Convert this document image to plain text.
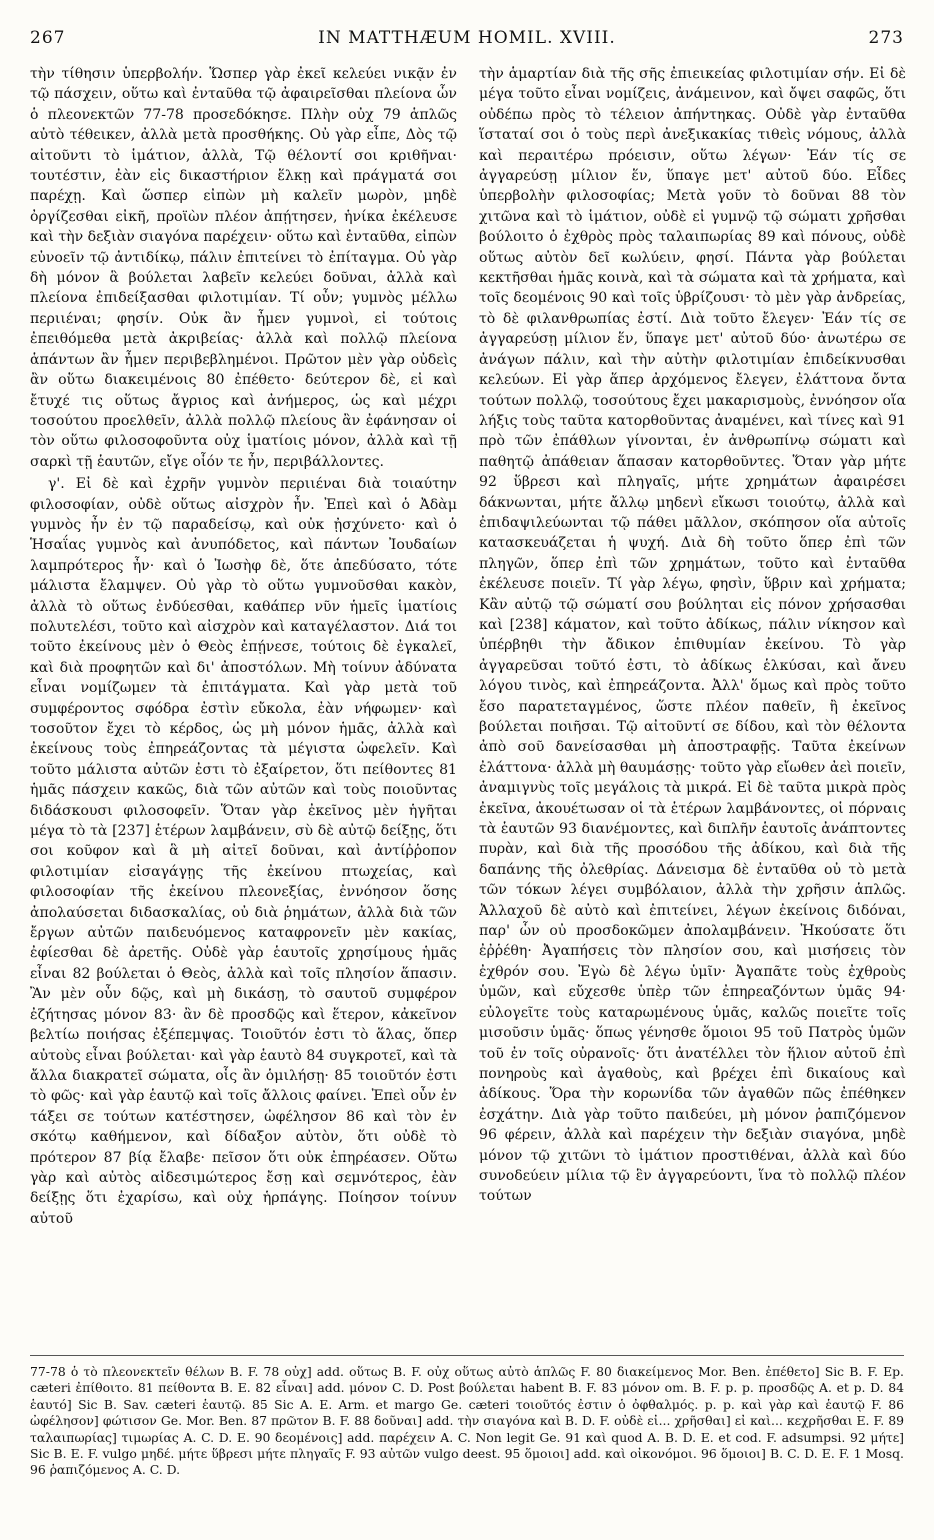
267	IN MATTHÆUM HOMIL. XVIII.	273

τὴν τίθησιν ὑπερβολήν. Ὥσπερ γὰρ ἐκεῖ κελεύει νικᾷν ἐν τῷ πάσχειν, οὕτω καὶ ἐνταῦθα τῷ ἀφαιρεῖσθαι πλείονα ὧν ὁ πλεονεκτῶν 77-78 προσεδόκησε. Πλὴν οὐχ 79 ἁπλῶς αὐτὸ τέθεικεν, ἀλλὰ μετὰ προσθήκης. Οὐ γὰρ εἶπε, Δὸς τῷ αἰτοῦντι τὸ ἱμάτιον, ἀλλὰ, Τῷ θέλοντί σοι κριθῆναι· τουτέστιν, ἐὰν εἰς δικαστήριον ἕλκῃ καὶ πράγματά σοι παρέχῃ. Καὶ ὥσπερ εἰπὼν μὴ καλεῖν μωρὸν, μηδὲ ὀργίζεσθαι εἰκῆ, προϊὼν πλέον ἀπῄτησεν, ἡνίκα ἐκέλευσε καὶ τὴν δεξιὰν σιαγόνα παρέχειν· οὕτω καὶ ἐνταῦθα, εἰπὼν εὐνοεῖν τῷ ἀντιδίκῳ, πάλιν ἐπιτείνει τὸ ἐπίταγμα. Οὐ γὰρ δὴ μόνον ἃ βούλεται λαβεῖν κελεύει δοῦναι, ἀλλὰ καὶ πλείονα ἐπιδείξασθαι φιλοτιμίαν. Τί οὖν; γυμνὸς μέλλω περιιέναι; φησίν. Οὐκ ἂν ἦμεν γυμνοὶ, εἰ τούτοις ἐπειθόμεθα μετὰ ἀκριβείας· ἀλλὰ καὶ πολλῷ πλείονα ἁπάντων ἂν ἦμεν περιβεβλημένοι. Πρῶτον μὲν γὰρ οὐδεὶς ἂν οὕτω διακειμένοις 80 ἐπέθετο· δεύτερον δὲ, εἰ καὶ ἔτυχέ τις οὕτως ἄγριος καὶ ἀνήμερος, ὡς καὶ μέχρι τοσούτου προελθεῖν, ἀλλὰ πολλῷ πλείους ἂν ἐφάνησαν οἱ τὸν οὕτω φιλοσοφοῦντα οὐχ ἱματίοις μόνον, ἀλλὰ καὶ τῇ σαρκὶ τῇ ἑαυτῶν, εἴγε οἷόν τε ἦν, περιβάλλοντες.

γ'. Εἰ δὲ καὶ ἐχρῆν γυμνὸν περιιέναι διὰ τοιαύτην φιλοσοφίαν, οὐδὲ οὕτως αἰσχρὸν ἦν. Ἐπεὶ καὶ ὁ Ἀδὰμ γυμνὸς ἦν ἐν τῷ παραδείσῳ, καὶ οὐκ ᾐσχύνετο· καὶ ὁ Ἡσαΐας γυμνὸς καὶ ἀνυπόδετος, καὶ πάντων Ἰουδαίων λαμπρότερος ἦν· καὶ ὁ Ἰωσὴφ δὲ, ὅτε ἀπεδύσατο, τότε μάλιστα ἔλαμψεν. Οὐ γὰρ τὸ οὕτω γυμνοῦσθαι κακὸν, ἀλλὰ τὸ οὕτως ἐνδύεσθαι, καθάπερ νῦν ἡμεῖς ἱματίοις πολυτελέσι, τοῦτο καὶ αἰσχρὸν καὶ καταγέλαστον. Διά τοι τοῦτο ἐκείνους μὲν ὁ Θεὸς ἐπῄνεσε, τούτοις δὲ ἐγκαλεῖ, καὶ διὰ προφητῶν καὶ δι' ἀποστόλων. Μὴ τοίνυν ἀδύνατα εἶναι νομίζωμεν τὰ ἐπιτάγματα. Καὶ γὰρ μετὰ τοῦ συμφέροντος σφόδρα ἐστὶν εὔκολα, ἐὰν νήφωμεν· καὶ τοσοῦτον ἔχει τὸ κέρδος, ὡς μὴ μόνον ἡμᾶς, ἀλλὰ καὶ ἐκείνους τοὺς ἐπηρεάζοντας τὰ μέγιστα ὠφελεῖν. Καὶ τοῦτο μάλιστα αὐτῶν ἐστι τὸ ἐξαίρετον, ὅτι πείθοντες 81 ἡμᾶς πάσχειν κακῶς, διὰ τῶν αὐτῶν καὶ τοὺς ποιοῦντας διδάσκουσι φιλοσοφεῖν. Ὅταν γὰρ ἐκεῖνος μὲν ἡγῆται μέγα τὸ τὰ [237] ἑτέρων λαμβάνειν, σὺ δὲ αὐτῷ δείξῃς, ὅτι σοι κοῦφον καὶ ἃ μὴ αἰτεῖ δοῦναι, καὶ ἀντίῤῥοπον φιλοτιμίαν εἰσαγάγῃς τῆς ἐκείνου πτωχείας, καὶ φιλοσοφίαν τῆς ἐκείνου πλεονεξίας, ἐννόησον ὅσης ἀπολαύσεται διδασκαλίας, οὐ διὰ ῥημάτων, ἀλλὰ διὰ τῶν ἔργων αὐτῶν παιδευόμενος καταφρονεῖν μὲν κακίας, ἐφίεσθαι δὲ ἀρετῆς. Οὐδὲ γὰρ ἑαυτοῖς χρησίμους ἡμᾶς εἶναι 82 βούλεται ὁ Θεὸς, ἀλλὰ καὶ τοῖς πλησίον ἅπασιν. Ἂν μὲν οὖν δῷς, καὶ μὴ δικάσῃ, τὸ σαυτοῦ συμφέρον ἐζήτησας μόνον 83· ἂν δὲ προσδῷς καὶ ἕτερον, κἀκεῖνον βελτίω ποιήσας ἐξέπεμψας. Τοιοῦτόν ἐστι τὸ ἅλας, ὅπερ αὐτοὺς εἶναι βούλεται· καὶ γὰρ ἑαυτὸ 84 συγκροτεῖ, καὶ τὰ ἄλλα διακρατεῖ σώματα, οἷς ἂν ὁμιλήσῃ· 85 τοιοῦτόν ἐστι τὸ φῶς· καὶ γὰρ ἑαυτῷ καὶ τοῖς ἄλλοις φαίνει. Ἐπεὶ οὖν ἐν τάξει σε τούτων κατέστησεν, ὠφέλησον 86 καὶ τὸν ἐν σκότῳ καθήμενον, καὶ δίδαξον αὐτὸν, ὅτι οὐδὲ τὸ πρότερον 87 βίᾳ ἔλαβε· πεῖσον ὅτι οὐκ ἐπηρέασεν. Οὕτω γὰρ καὶ αὐτὸς αἰδεσιμώτερος ἔσῃ καὶ σεμνότερος, ἐὰν δείξῃς ὅτι ἐχαρίσω, καὶ οὐχ ἡρπάγης. Ποίησον τοίνυν αὐτοῦ

τὴν ἁμαρτίαν διὰ τῆς σῆς ἐπιεικείας φιλοτιμίαν σήν. Εἰ δὲ μέγα τοῦτο εἶναι νομίζεις, ἀνάμεινον, καὶ ὄψει σαφῶς, ὅτι οὐδέπω πρὸς τὸ τέλειον ἀπήντηκας. Οὐδὲ γὰρ ἐνταῦθα ἵσταταί σοι ὁ τοὺς περὶ ἀνεξικακίας τιθεὶς νόμους, ἀλλὰ καὶ περαιτέρω πρόεισιν, οὕτω λέγων· Ἐάν τίς σε ἀγγαρεύσῃ μίλιον ἕν, ὕπαγε μετ' αὐτοῦ δύο. Εἶδες ὑπερβολὴν φιλοσοφίας; Μετὰ γοῦν τὸ δοῦναι 88 τὸν χιτῶνα καὶ τὸ ἱμάτιον, οὐδὲ εἰ γυμνῷ τῷ σώματι χρῆσθαι βούλοιτο ὁ ἐχθρὸς πρὸς ταλαιπωρίας 89 καὶ πόνους, οὐδὲ οὕτως αὐτὸν δεῖ κωλύειν, φησί. Πάντα γὰρ βούλεται κεκτῆσθαι ἡμᾶς κοινὰ, καὶ τὰ σώματα καὶ τὰ χρήματα, καὶ τοῖς δεομένοις 90 καὶ τοῖς ὑβρίζουσι· τὸ μὲν γὰρ ἀνδρείας, τὸ δὲ φιλανθρωπίας ἐστί. Διὰ τοῦτο ἔλεγεν· Ἐάν τίς σε ἀγγαρεύσῃ μίλιον ἕν, ὕπαγε μετ' αὐτοῦ δύο· ἀνωτέρω σε ἀνάγων πάλιν, καὶ τὴν αὐτὴν φιλοτιμίαν ἐπιδείκνυσθαι κελεύων. Εἰ γὰρ ἅπερ ἀρχόμενος ἔλεγεν, ἐλάττονα ὄντα τούτων πολλῷ, τοσούτους ἔχει μακαρισμοὺς, ἐννόησον οἵα λήξις τοὺς ταῦτα κατορθοῦντας ἀναμένει, καὶ τίνες καὶ 91 πρὸ τῶν ἐπάθλων γίνονται, ἐν ἀνθρωπίνῳ σώματι καὶ παθητῷ ἀπάθειαν ἅπασαν κατορθοῦντες. Ὅταν γὰρ μήτε 92 ὕβρεσι καὶ πληγαῖς, μήτε χρημάτων ἀφαιρέσει δάκνωνται, μήτε ἄλλῳ μηδενὶ εἴκωσι τοιούτῳ, ἀλλὰ καὶ ἐπιδαψιλεύωνται τῷ πάθει μᾶλλον, σκόπησον οἵα αὐτοῖς κατασκευάζεται ἡ ψυχή. Διὰ δὴ τοῦτο ὅπερ ἐπὶ τῶν πληγῶν, ὅπερ ἐπὶ τῶν χρημάτων, τοῦτο καὶ ἐνταῦθα ἐκέλευσε ποιεῖν. Τί γὰρ λέγω, φησὶν, ὕβριν καὶ χρήματα; Κἂν αὐτῷ τῷ σώματί σου βούληται εἰς πόνον χρήσασθαι καὶ [238] κάματον, καὶ τοῦτο ἀδίκως, πάλιν νίκησον καὶ ὑπέρβηθι τὴν ἄδικον ἐπιθυμίαν ἐκείνου. Τὸ γὰρ ἀγγαρεῦσαι τοῦτό ἐστι, τὸ ἀδίκως ἑλκύσαι, καὶ ἄνευ λόγου τινὸς, καὶ ἐπηρεάζοντα. Ἀλλ' ὅμως καὶ πρὸς τοῦτο ἔσο παρατεταγμένος, ὥστε πλέον παθεῖν, ἢ ἐκεῖνος βούλεται ποιῆσαι. Τῷ αἰτοῦντί σε δίδου, καὶ τὸν θέλοντα ἀπὸ σοῦ δανείσασθαι μὴ ἀποστραφῇς. Ταῦτα ἐκείνων ἐλάττονα· ἀλλὰ μὴ θαυμάσῃς· τοῦτο γὰρ εἴωθεν ἀεὶ ποιεῖν, ἀναμιγνὺς τοῖς μεγάλοις τὰ μικρά. Εἰ δὲ ταῦτα μικρὰ πρὸς ἐκεῖνα, ἀκουέτωσαν οἱ τὰ ἑτέρων λαμβάνοντες, οἱ πόρναις τὰ ἑαυτῶν 93 διανέμοντες, καὶ διπλῆν ἑαυτοῖς ἀνάπτοντες πυρὰν, καὶ διὰ τῆς προσόδου τῆς ἀδίκου, καὶ διὰ τῆς δαπάνης τῆς ὀλεθρίας. Δάνεισμα δὲ ἐνταῦθα οὐ τὸ μετὰ τῶν τόκων λέγει συμβόλαιον, ἀλλὰ τὴν χρῆσιν ἁπλῶς. Ἀλλαχοῦ δὲ αὐτὸ καὶ ἐπιτείνει, λέγων ἐκείνοις διδόναι, παρ' ὧν οὐ προσδοκῶμεν ἀπολαμβάνειν. Ἠκούσατε ὅτι ἐῤῥέθη· Ἀγαπήσεις τὸν πλησίον σου, καὶ μισήσεις τὸν ἐχθρόν σου. Ἐγὼ δὲ λέγω ὑμῖν· Ἀγαπᾶτε τοὺς ἐχθροὺς ὑμῶν, καὶ εὔχεσθε ὑπὲρ τῶν ἐπηρεαζόντων ὑμᾶς 94· εὐλογεῖτε τοὺς καταρωμένους ὑμᾶς, καλῶς ποιεῖτε τοῖς μισοῦσιν ὑμᾶς· ὅπως γένησθε ὅμοιοι 95 τοῦ Πατρὸς ὑμῶν τοῦ ἐν τοῖς οὐρανοῖς· ὅτι ἀνατέλλει τὸν ἥλιον αὐτοῦ ἐπὶ πονηροὺς καὶ ἀγαθοὺς, καὶ βρέχει ἐπὶ δικαίους καὶ ἀδίκους. Ὅρα τὴν κορωνίδα τῶν ἀγαθῶν πῶς ἐπέθηκεν ἐσχάτην. Διὰ γὰρ τοῦτο παιδεύει, μὴ μόνον ῥαπιζόμενον 96 φέρειν, ἀλλὰ καὶ παρέχειν τὴν δεξιὰν σιαγόνα, μηδὲ μόνον τῷ χιτῶνι τὸ ἱμάτιον προστιθέναι, ἀλλὰ καὶ δύο συνοδεύειν μίλια τῷ ἓν ἀγγαρεύοντι, ἵνα τὸ πολλῷ πλέον τούτων

77-78 ὁ τὸ πλεονεκτεῖν θέλων B. F. 78 οὐχ] add. οὕτως B. F. οὐχ οὕτως αὐτὸ ἁπλῶς F. 80 διακείμενος Mor. Ben. ἐπέθετο] Sic B. F. Ep. cæteri ἐπίθοιτο. 81 πείθοντα B. E. 82 εἶναι] add. μόνον C. D. Post βούλεται habent B. F. 83 μόνον om. B. F. p. p. προσδῷς A. et p. D. 84 ἑαυτό] Sic B. Sav. cæteri ἑαυτῷ. 85 Sic A. E. Arm. et margo Ge. cæteri τοιοῦτός ἐστιν ὁ ὀφθαλμός. p. p. καὶ γὰρ καὶ ἑαυτῷ F. 86 ὠφέλησον] φώτισον Ge. Mor. Ben. 87 πρῶτον B. F. 88 δοῦναι] add. τὴν σιαγόνα καὶ B. D. F. οὐδὲ εἰ... χρῆσθαι] εἰ καὶ... κεχρῆσθαι E. F. 89 ταλαιπωρίας] τιμωρίας A. C. D. E. 90 δεομένοις] add. παρέχειν A. C. Non legit Ge. 91 καὶ quod A. B. D. E. et cod. F. adsumpsi. 92 μήτε] Sic B. E. F. vulgo μηδέ. μήτε ὕβρεσι μήτε πληγαῖς F. 93 αὐτῶν vulgo deest. 95 ὅμοιοι] add. καὶ οἰκονόμοι. 96 ὅμοιοι] B. C. D. E. F. 1 Mosq. 96 ῥαπιζόμενος A. C. D.
